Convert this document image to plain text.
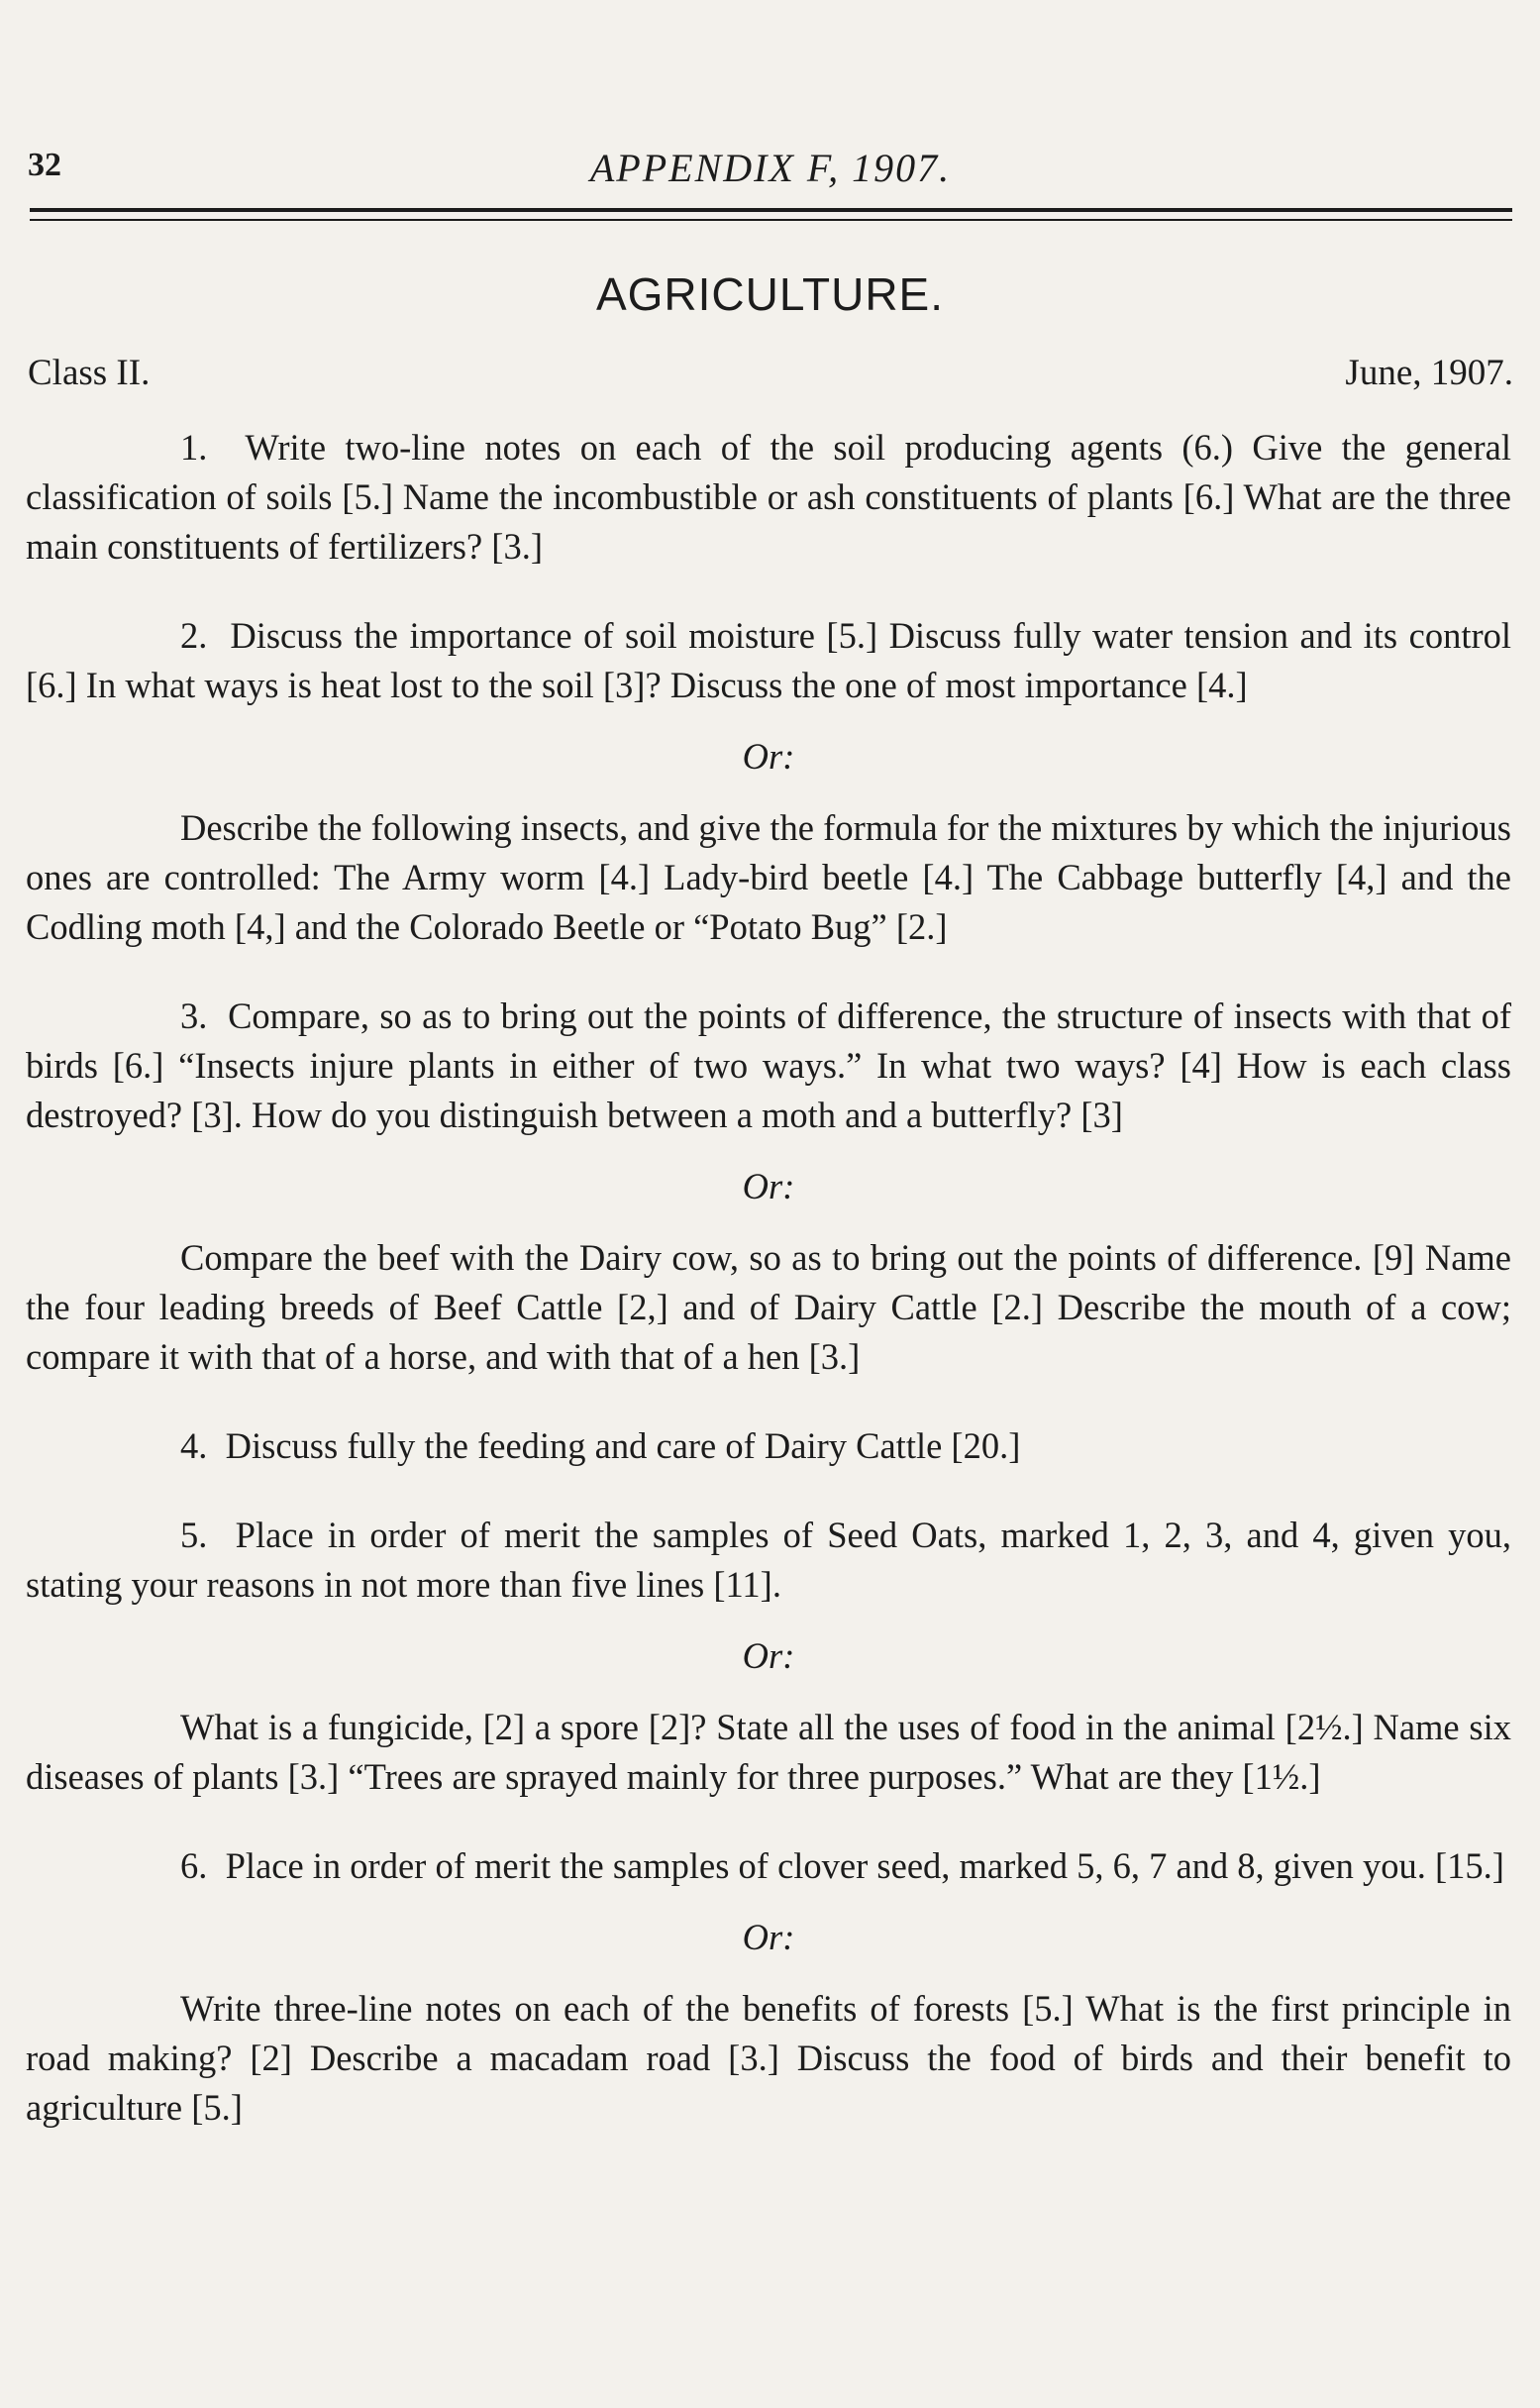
32	APPENDIX F, 1907.
AGRICULTURE.
Class II.	June, 1907.

1. Write two-line notes on each of the soil producing agents (6.) Give the general classification of soils [5.] Name the incombustible or ash constituents of plants [6.] What are the three main constituents of fertilizers? [3.]

2. Discuss the importance of soil moisture [5.] Discuss fully water tension and its control [6.] In what ways is heat lost to the soil [3]? Discuss the one of most importance [4.]

Or:

Describe the following insects, and give the formula for the mixtures by which the injurious ones are controlled: The Army worm [4.] Lady-bird beetle [4.] The Cabbage butterfly [4,] and the Codling moth [4,] and the Colorado Beetle or “Potato Bug” [2.]

3. Compare, so as to bring out the points of difference, the structure of insects with that of birds [6.] “Insects injure plants in either of two ways.” In what two ways? [4] How is each class destroyed? [3]. How do you distinguish between a moth and a butterfly? [3]

Or:

Compare the beef with the Dairy cow, so as to bring out the points of difference. [9] Name the four leading breeds of Beef Cattle [2,] and of Dairy Cattle [2.] Describe the mouth of a cow; compare it with that of a horse, and with that of a hen [3.]

4. Discuss fully the feeding and care of Dairy Cattle [20.]

5. Place in order of merit the samples of Seed Oats, marked 1, 2, 3, and 4, given you, stating your reasons in not more than five lines [11].

Or:

What is a fungicide, [2] a spore [2]? State all the uses of food in the animal [2½.] Name six diseases of plants [3.] “Trees are sprayed mainly for three purposes.” What are they [1½.]

6. Place in order of merit the samples of clover seed, marked 5, 6, 7 and 8, given you. [15.]

Or:

Write three-line notes on each of the benefits of forests [5.] What is the first principle in road making? [2] Describe a macadam road [3.] Discuss the food of birds and their benefit to agriculture [5.]
